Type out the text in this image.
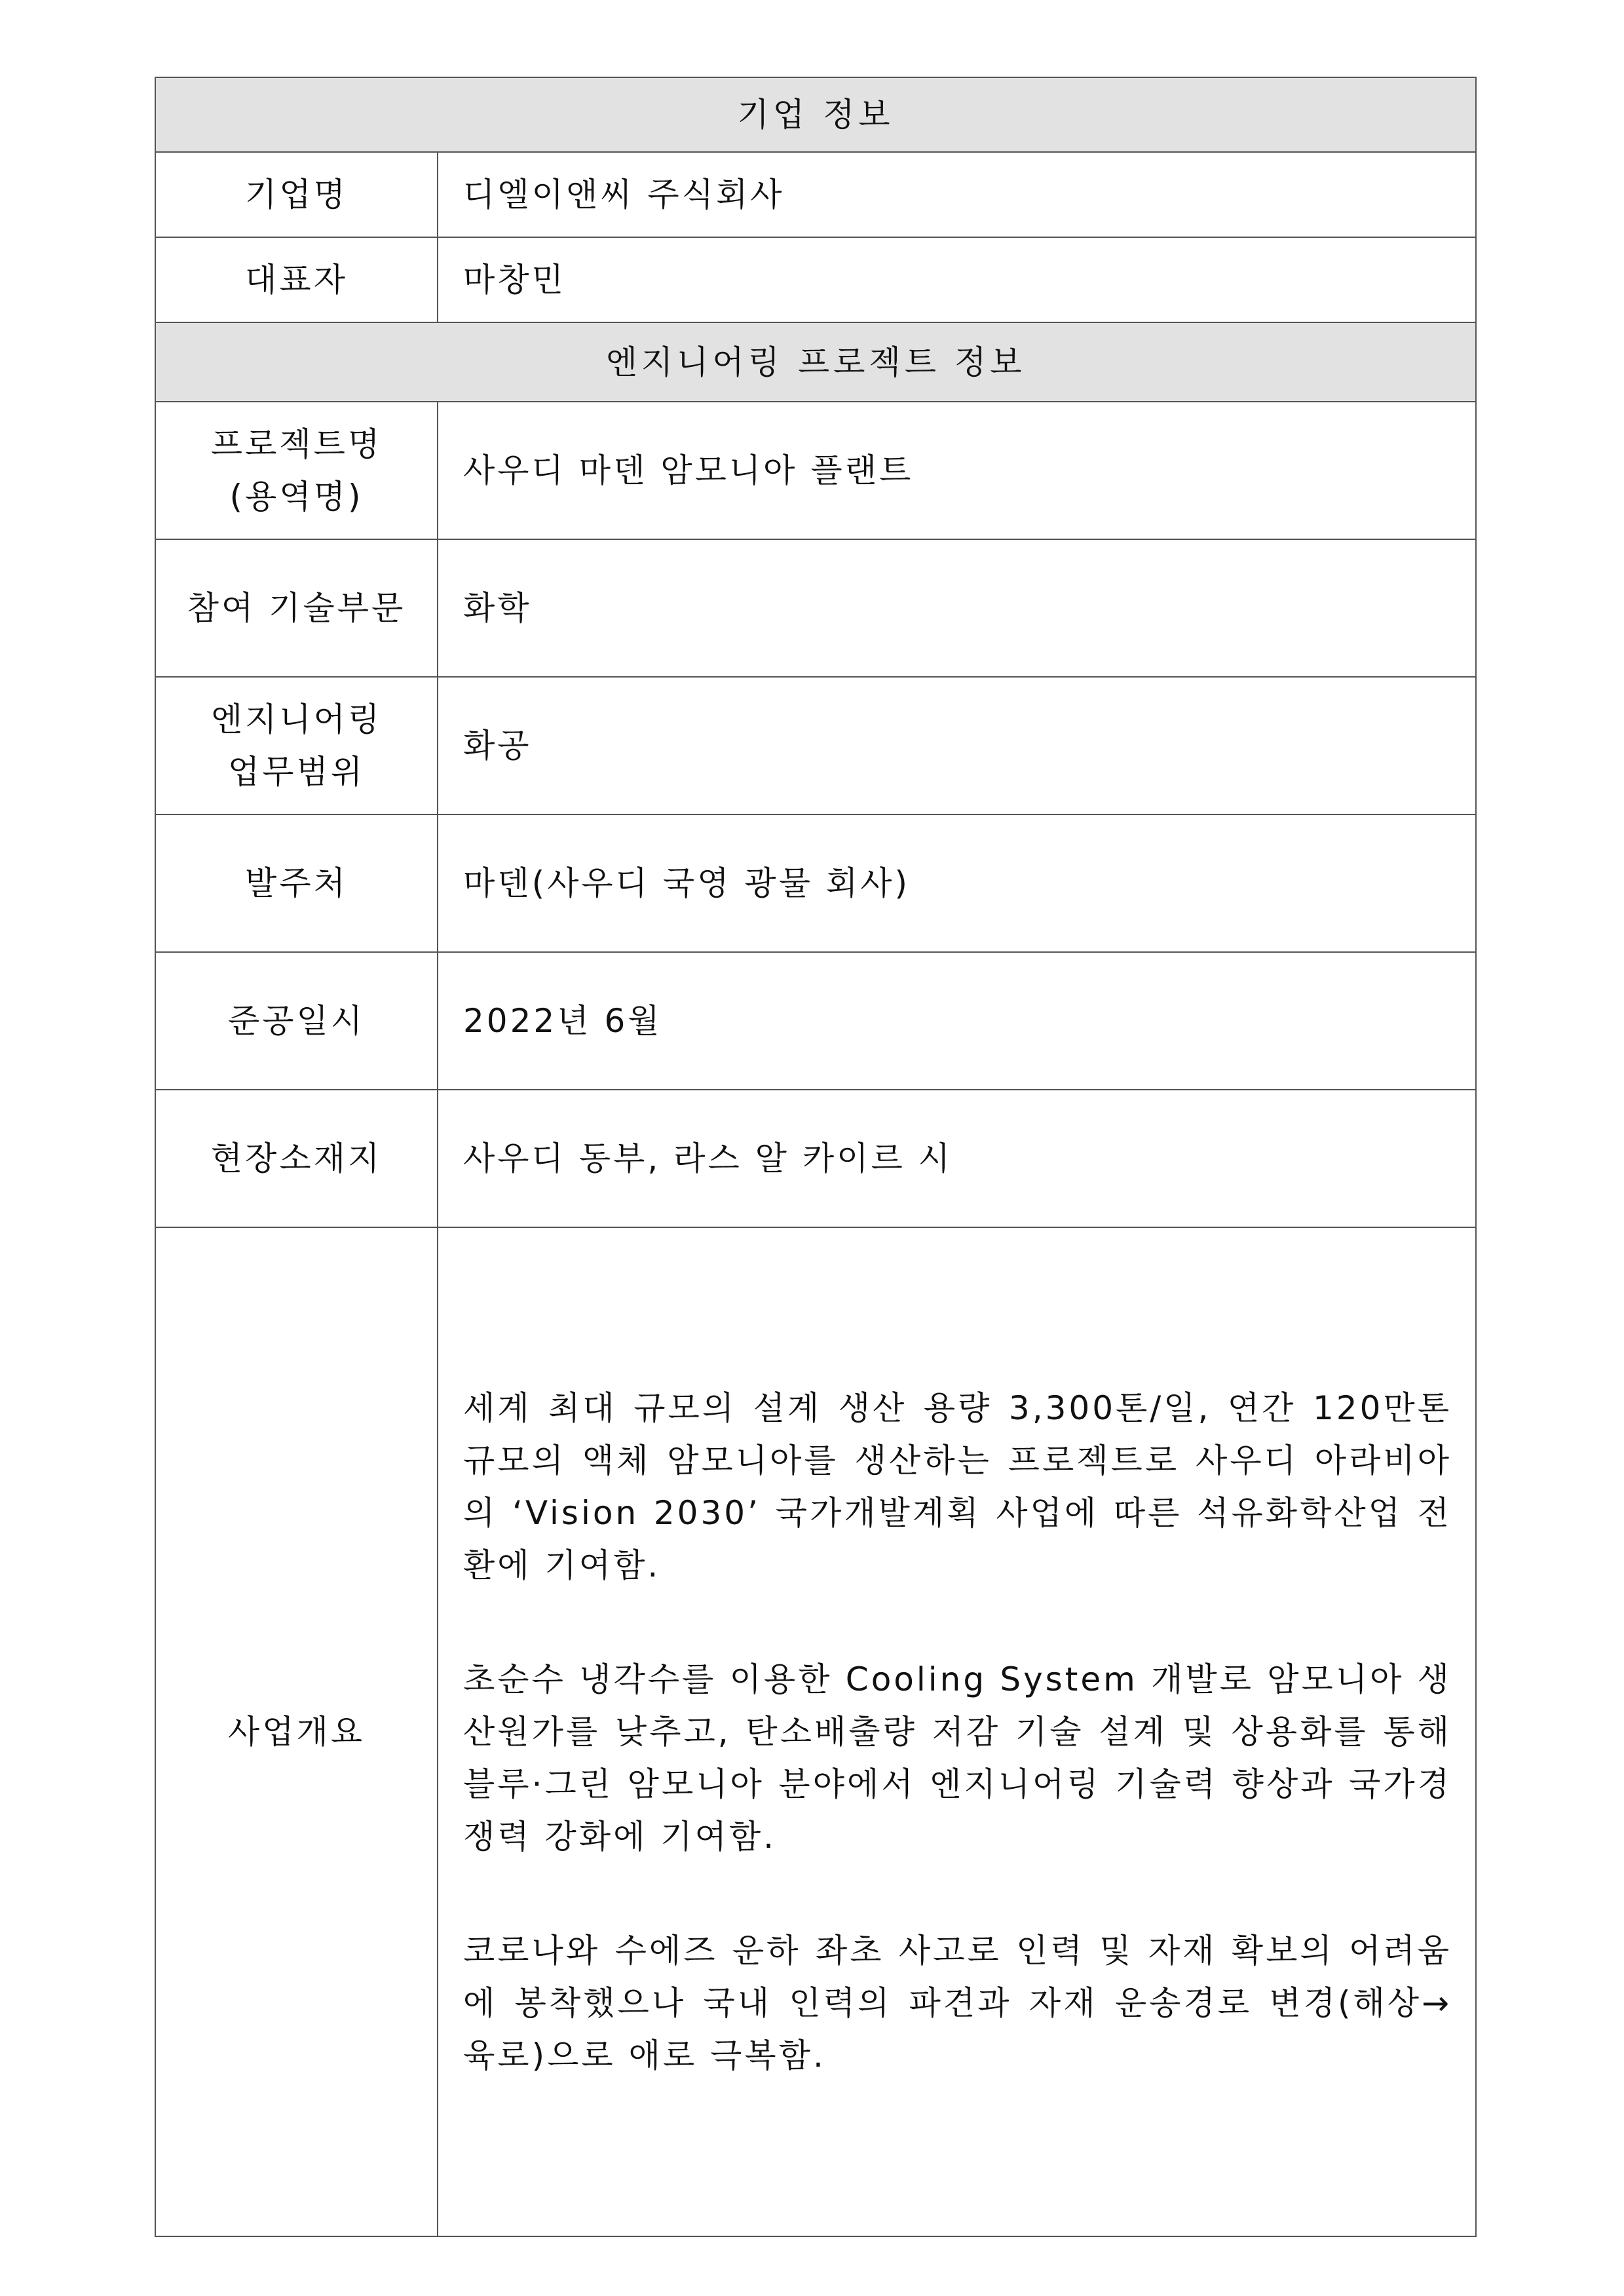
기업 정보	
기업명	디엘이앤씨 주식회사
대표자	마창민
엔지니어링 프로젝트 정보	

프로젝트명
(용역명)	사우디 마덴 암모니아 플랜트
참여 기술부문	화학

엔지니어링
업무범위	화공
발주처	마덴(사우디 국영 광물 회사)
준공일시	2022년 6월
현장소재지	사우디 동부, 라스 알 카이르 시
사업개요	세계 최대 규모의 설계 생산 용량 3,300톤/일, 연간 120만톤 규모의 액체 암모니아를 생산하는 프로젝트로 사우디 아라비아의 ‘Vision 2030’ 국가개발계획 사업에 따른 석유화학산업 전환에 기여함.

초순수 냉각수를 이용한 Cooling System 개발로 암모니아 생산원가를 낮추고, 탄소배출량 저감 기술 설계 및 상용화를 통해 블루·그린 암모니아 분야에서 엔지니어링 기술력 향상과 국가경쟁력 강화에 기여함.

코로나와 수에즈 운하 좌초 사고로 인력 및 자재 확보의 어려움에 봉착했으나 국내 인력의 파견과 자재 운송경로 변경(해상→육로)으로 애로 극복함.
